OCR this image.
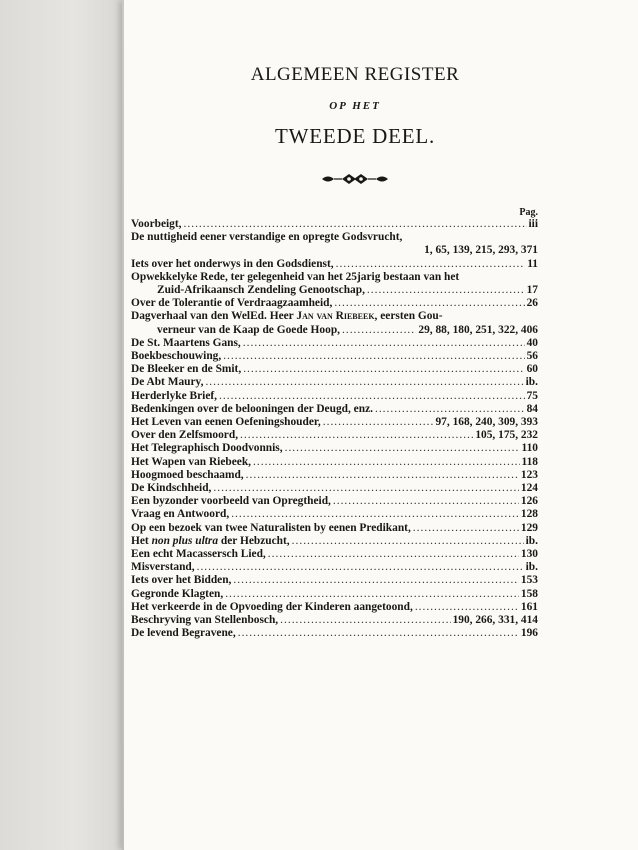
ALGEMEEN REGISTER
OP HET
TWEEDE DEEL.
Pag.
Voorbeigt, .....	iii
De nuttigheid eener verstandige en opregte Godsvrucht,
1, 65, 139, 215, 293, 371
Iets over het onderwys in den Godsdienst, .....	11
Opwekkelyke Rede, ter gelegenheid van het 25jarig bestaan van het
Zuid-Afrikaansch Zendeling Genootschap, .....	17
Over de Tolerantie of Verdraagzaamheid, .....	26
Dagverhaal van den WelEd. Heer Jan van Riebeek, eersten Gou-
verneur van de Kaap de Goede Hoop, .....	29, 88, 180, 251, 322, 406
De St. Maartens Gans, .....	40
Boekbeschouwing, .....	56
De Bleeker en de Smit, .....	60
De Abt Maury, .....	ib.
Herderlyke Brief, .....	75
Bedenkingen over de belooningen der Deugd, enz. .....	84
Het Leven van eenen Oefeningshouder, .....	97, 168, 240, 309, 393
Over den Zelfsmoord, .....	105, 175, 232
Het Telegraphisch Doodvonnis, .....	110
Het Wapen van Riebeek, .....	118
Hoogmoed beschaamd, .....	123
De Kindschheid, .....	124
Een byzonder voorbeeld van Opregtheid, .....	126
Vraag en Antwoord, .....	128
Op een bezoek van twee Naturalisten by eenen Predikant, .....	129
Het non plus ultra der Hebzucht, .....	ib.
Een echt Macassersch Lied, .....	130
Misverstand, .....	ib.
Iets over het Bidden, .....	153
Gegronde Klagten, .....	158
Het verkeerde in de Opvoeding der Kinderen aangetoond, .....	161
Beschryving van Stellenbosch, .....	190, 266, 331, 414
De levend Begravene, .....	196
